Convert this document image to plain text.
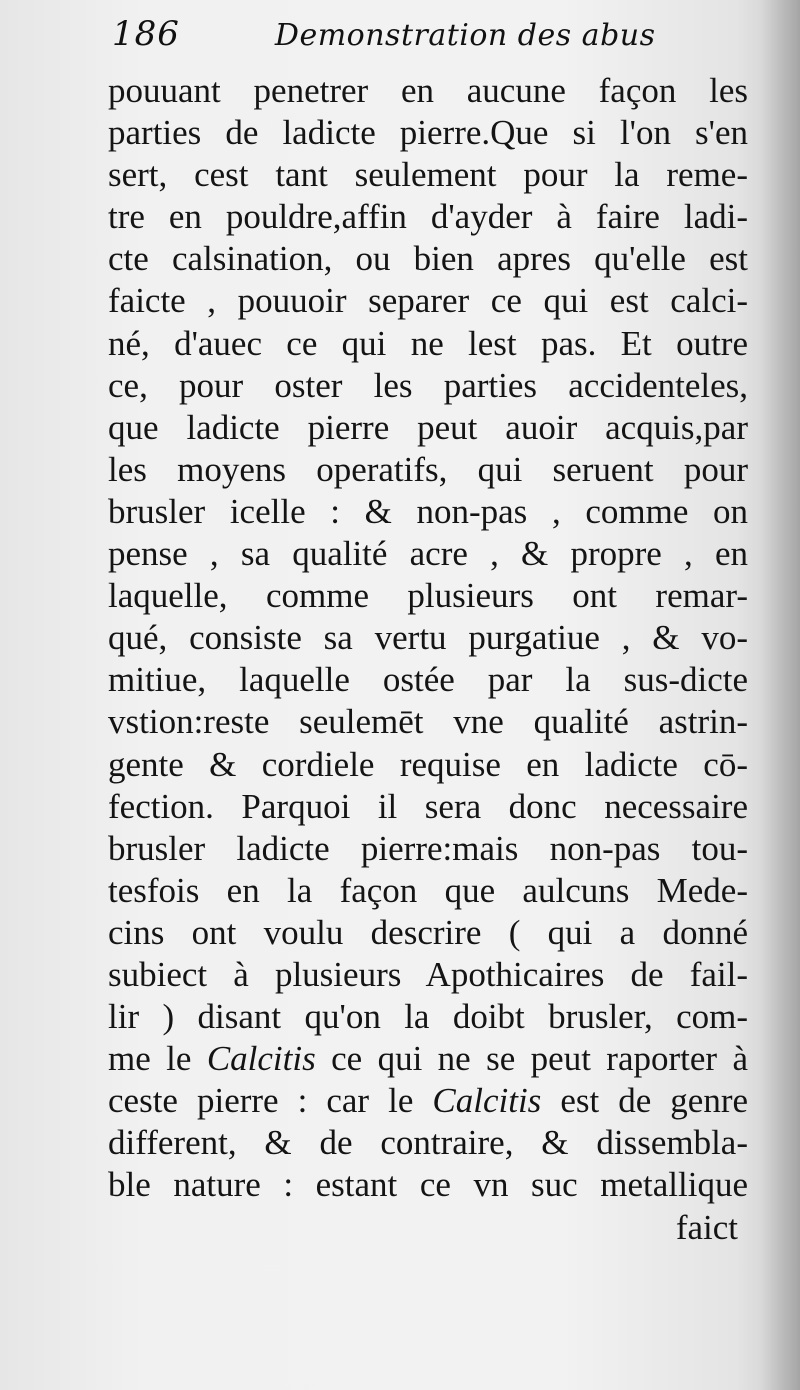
186	Demonstration des abus
pouuant penetrer en aucune façon les
parties de ladicte pierre.Que si l'on s'en
sert, cest tant seulement pour la reme-
tre en pouldre,affin d'ayder à faire ladi-
cte calsination, ou bien apres qu'elle est
faicte , pouuoir separer ce qui est calci-
né, d'auec ce qui ne lest pas. Et outre
ce, pour oster les parties accidenteles,
que ladicte pierre peut auoir acquis,par
les moyens operatifs, qui seruent pour
brusler icelle : & non-pas , comme on
pense , sa qualité acre , & propre , en
laquelle, comme plusieurs ont remar-
qué, consiste sa vertu purgatiue , & vo-
mitiue, laquelle ostée par la sus-dicte
vstion:reste seulemēt vne qualité astrin-
gente & cordiele requise en ladicte cō-
fection. Parquoi il sera donc necessaire
brusler ladicte pierre:mais non-pas tou-
tesfois en la façon que aulcuns Mede-
cins ont voulu descrire ( qui a donné
subiect à plusieurs Apothicaires de fail-
lir ) disant qu'on la doibt brusler, com-
me le Calcitis ce qui ne se peut raporter à
ceste pierre : car le Calcitis est de genre
different, & de contraire, & dissembla-
ble nature : estant ce vn suc metallique
faict
